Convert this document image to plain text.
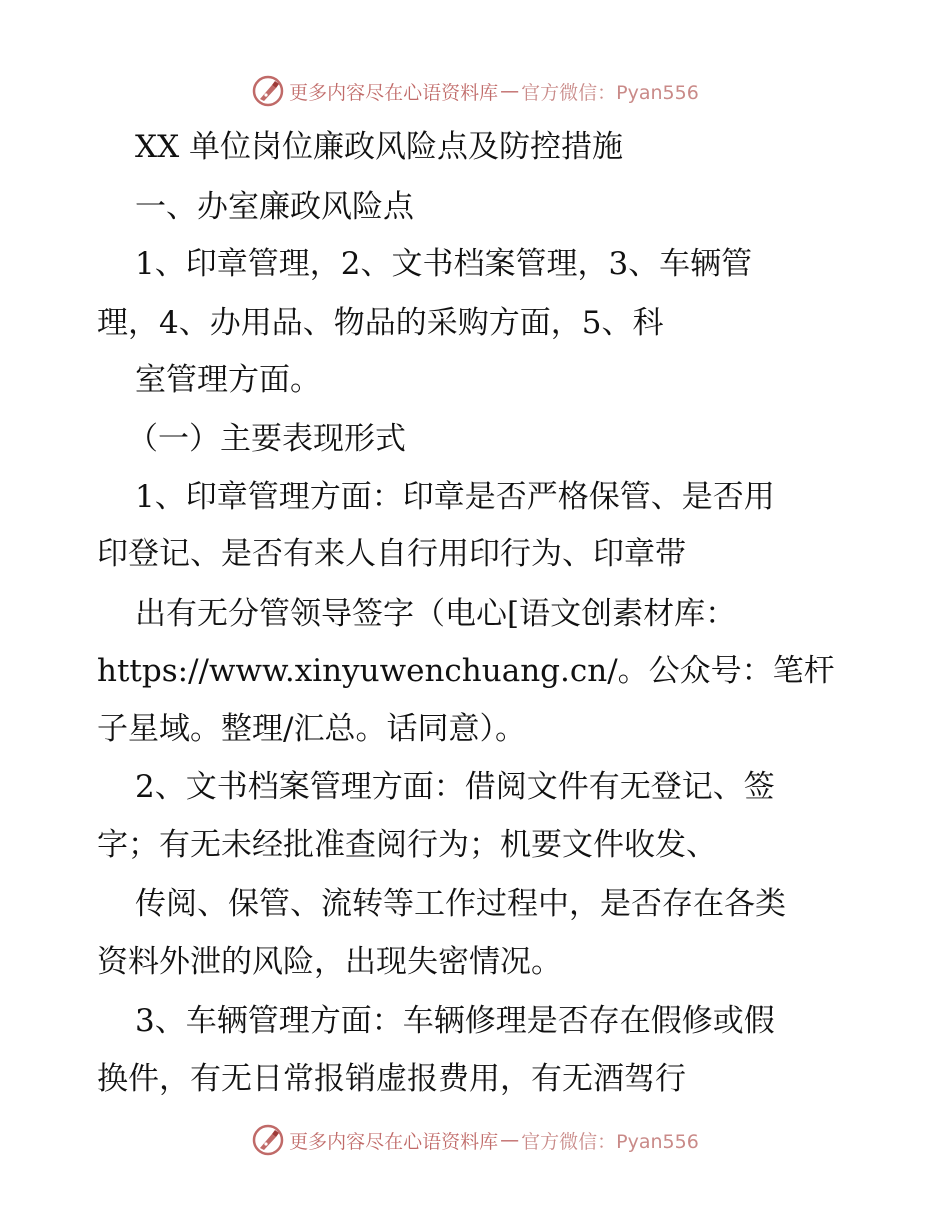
更多内容尽在心语资料库 — 官方微信：Pyan556
XX 单位岗位廉政风险点及防控措施
一、办室廉政风险点
1、印章管理，2、文书档案管理，3、车辆管
理，4、办用品、物品的采购方面，5、科
室管理方面。
（一）主要表现形式
1、印章管理方面：印章是否严格保管、是否用
印登记、是否有来人自行用印行为、印章带
出有无分管领导签字（电心[语文创素材库：
https://www.xinyuwenchuang.cn/。公众号：笔杆
子星域。整理/汇总。话同意）。
2、文书档案管理方面：借阅文件有无登记、签
字；有无未经批准查阅行为；机要文件收发、
传阅、保管、流转等工作过程中，是否存在各类
资料外泄的风险，出现失密情况。
3、车辆管理方面：车辆修理是否存在假修或假
换件，有无日常报销虚报费用，有无酒驾行
更多内容尽在心语资料库 — 官方微信：Pyan556
